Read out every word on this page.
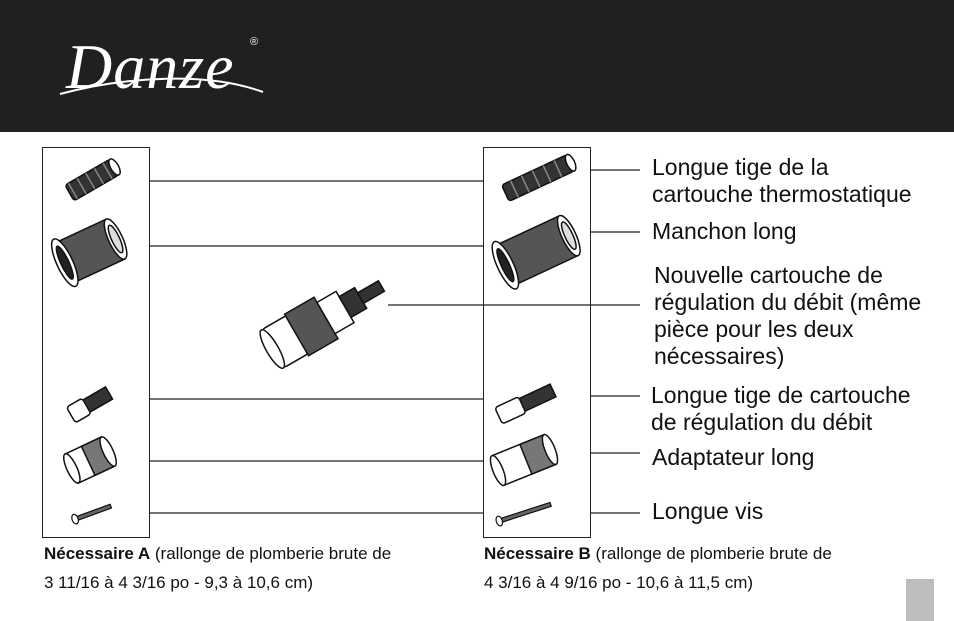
Danze ®
Longue tige de la
cartouche thermostatique
Manchon long
Nouvelle cartouche de
régulation du débit (même
pièce pour les deux
nécessaires)
Longue tige de cartouche
de régulation du débit
Adaptateur long
Longue vis
Nécessaire A (rallonge de plomberie brute de
3 11/16 à 4 3/16 po - 9,3 à 10,6 cm)
Nécessaire B (rallonge de plomberie brute de
4 3/16 à 4 9/16 po - 10,6 à 11,5 cm)
